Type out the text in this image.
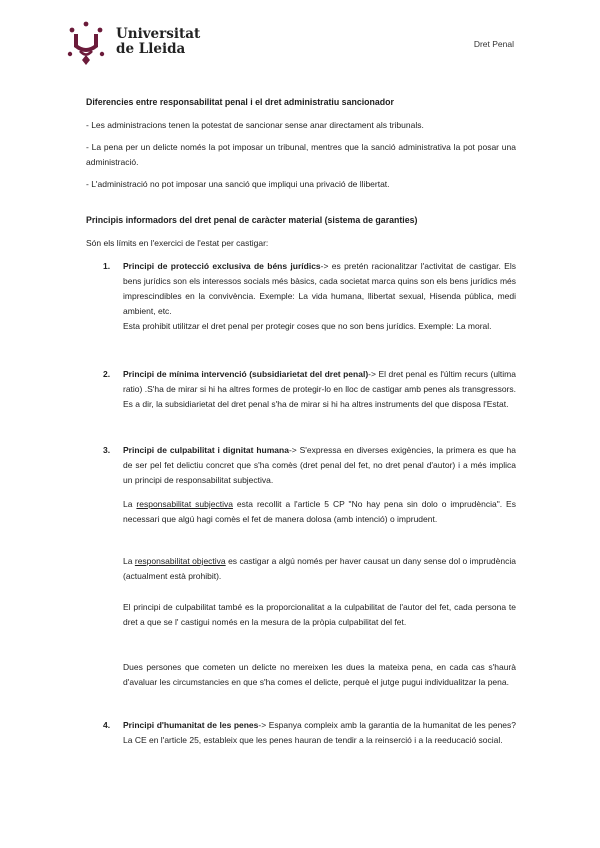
Universitat
de Lleida	Dret Penal
Diferencies entre responsabilitat penal i el dret administratiu sancionador
- Les administracions tenen la potestat de sancionar sense anar directament als tribunals.
- La pena per un delicte només la pot imposar un tribunal, mentres que la sanció administrativa la pot posar una administració.
- L'administració no pot imposar una sanció que impliqui una privació de llibertat.
Principis informadors del dret penal de caràcter material (sistema de garanties)
Són els límits en l'exercici de l'estat per castigar:
1. Principi de protecció exclusiva de béns jurídics-> es pretén racionalitzar l'activitat de castigar. Els bens jurídics son els interessos socials més bàsics, cada societat marca quins son els bens jurídics més imprescindibles en la convivència. Exemple: La vida humana, llibertat sexual, Hisenda pública, medi ambient, etc.
Esta prohibit utilitzar el dret penal per protegir coses que no son bens jurídics. Exemple: La moral.
2. Principi de mínima intervenció (subsidiarietat del dret penal)-> El dret penal es l'últim recurs (ultima ratio) .S'ha de mirar si hi ha altres formes de protegir-lo en lloc de castigar amb penes als transgressors. Es a dir, la subsidiarietat del dret penal s'ha de mirar si hi ha altres instruments del que disposa l'Estat.
3. Principi de culpabilitat i dignitat humana-> S'expressa en diverses exigències, la primera es que ha de ser pel fet delictiu concret que s'ha comès (dret penal del fet, no dret penal d'autor) i a més implica un principi de responsabilitat subjectiva.
La responsabilitat subjectiva esta recollit a l'article 5 CP "No hay pena sin dolo o imprudència". Es necessari que algú hagi comès el fet de manera dolosa (amb intenció) o imprudent.
La responsabilitat objectiva es castigar a algú només per haver causat un dany sense dol o imprudència (actualment està prohibit).
El principi de culpabilitat també es la proporcionalitat a la culpabilitat de l'autor del fet, cada persona te dret a que se l' castigui només en la mesura de la pròpia culpabilitat del fet.
Dues persones que cometen un delicte no mereixen les dues la mateixa pena, en cada cas s'haurà d'avaluar les circumstancies en que s'ha comes el delicte, perquè el jutge pugui individualitzar la pena.
4. Principi d'humanitat de les penes-> Espanya compleix amb la garantia de la humanitat de les penes? La CE en l'article 25, estableix que les penes hauran de tendir a la reinserció i a la reeducació social.
